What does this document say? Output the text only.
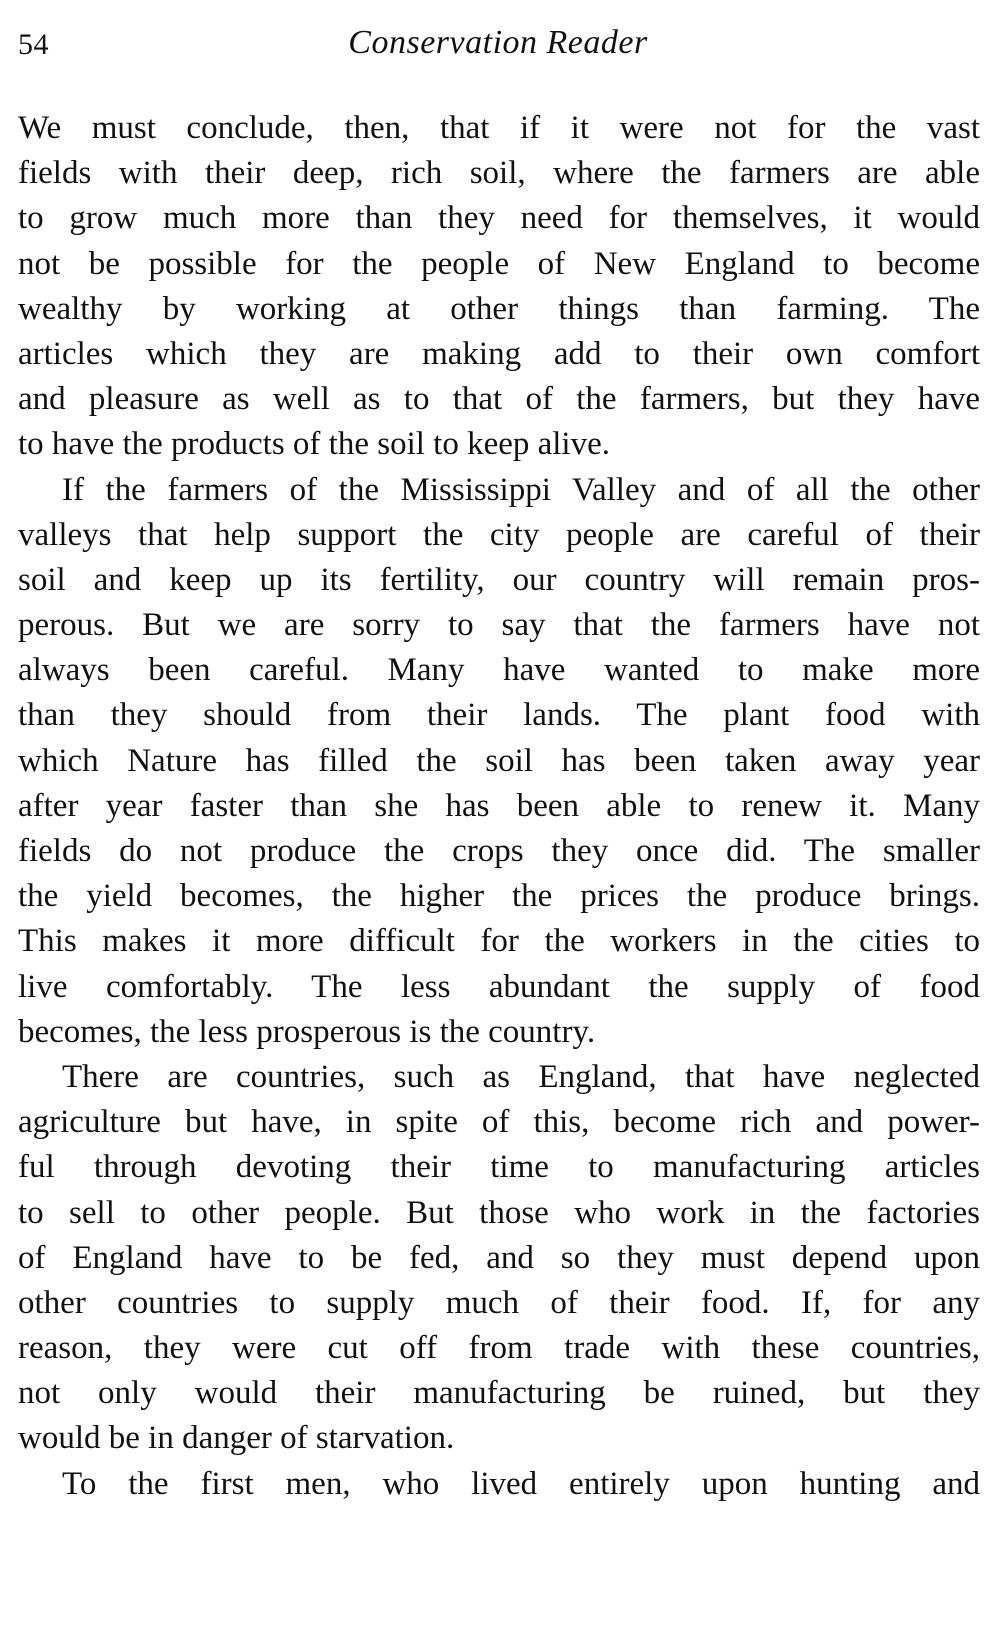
54	Conservation Reader
We must conclude, then, that if it were not for the vast
fields with their deep, rich soil, where the farmers are able
to grow much more than they need for themselves, it would
not be possible for the people of New England to become
wealthy by working at other things than farming. The
articles which they are making add to their own comfort
and pleasure as well as to that of the farmers, but they have
to have the products of the soil to keep alive.
If the farmers of the Mississippi Valley and of all the other
valleys that help support the city people are careful of their
soil and keep up its fertility, our country will remain pros-
perous. But we are sorry to say that the farmers have not
always been careful. Many have wanted to make more
than they should from their lands. The plant food with
which Nature has filled the soil has been taken away year
after year faster than she has been able to renew it. Many
fields do not produce the crops they once did. The smaller
the yield becomes, the higher the prices the produce brings.
This makes it more difficult for the workers in the cities to
live comfortably. The less abundant the supply of food
becomes, the less prosperous is the country.
There are countries, such as England, that have neglected
agriculture but have, in spite of this, become rich and power-
ful through devoting their time to manufacturing articles
to sell to other people. But those who work in the factories
of England have to be fed, and so they must depend upon
other countries to supply much of their food. If, for any
reason, they were cut off from trade with these countries,
not only would their manufacturing be ruined, but they
would be in danger of starvation.
To the first men, who lived entirely upon hunting and
